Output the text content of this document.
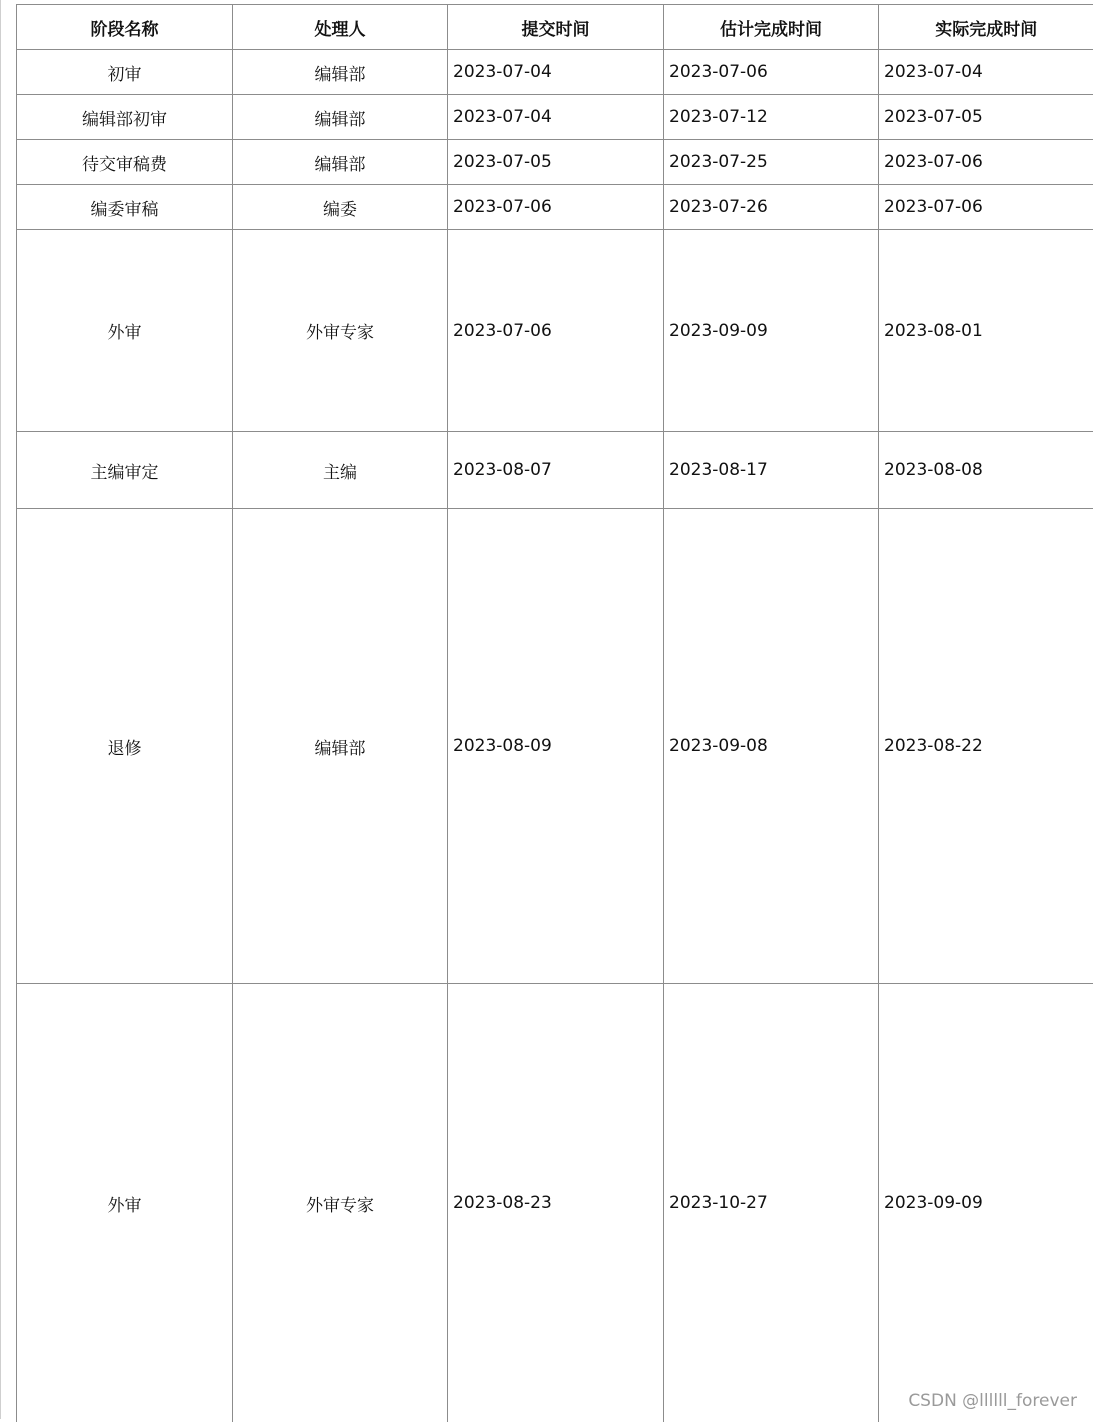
阶段名称	处理人	提交时间	估计完成时间	实际完成时间
初审	编辑部	2023-07-04	2023-07-06	2023-07-04
编辑部初审	编辑部	2023-07-04	2023-07-12	2023-07-05
待交审稿费	编辑部	2023-07-05	2023-07-25	2023-07-06
编委审稿	编委	2023-07-06	2023-07-26	2023-07-06
外审	外审专家	2023-07-06	2023-09-09	2023-08-01
主编审定	主编	2023-08-07	2023-08-17	2023-08-08
退修	编辑部	2023-08-09	2023-09-08	2023-08-22
外审	外审专家	2023-08-23	2023-10-27	2023-09-09
CSDN @llllll_forever
